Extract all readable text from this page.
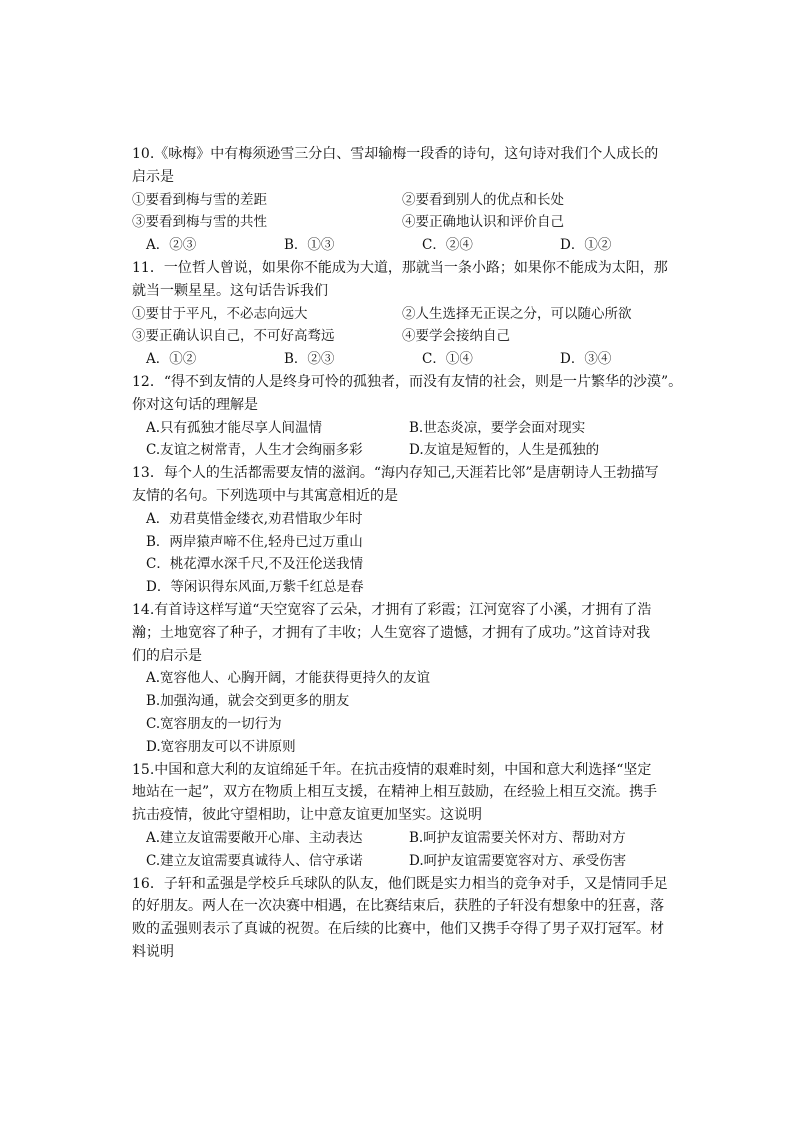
10.《咏梅》中有梅须逊雪三分白、雪却输梅一段香的诗句，这句诗对我们个人成长的
启示是
①要看到梅与雪的差距	②要看到别人的优点和长处
③要看到梅与雪的共性	④要正确地认识和评价自己
A．②③	B．①③	C．②④	D．①②
11．一位哲人曾说，如果你不能成为大道，那就当一条小路；如果你不能成为太阳，那
就当一颗星星。这句话告诉我们
①要甘于平凡，不必志向远大	②人生选择无正误之分，可以随心所欲
③要正确认识自己，不可好高骛远	④要学会接纳自己
A．①②	B．②③	C．①④	D．③④
12．“得不到友情的人是终身可怜的孤独者，而没有友情的社会，则是一片繁华的沙漠”。
你对这句话的理解是
A.只有孤独才能尽享人间温情	B.世态炎凉，要学会面对现实
C.友谊之树常青，人生才会绚丽多彩	D.友谊是短暂的，人生是孤独的
13．每个人的生活都需要友情的滋润。“海内存知己,天涯若比邻”是唐朝诗人王勃描写
友情的名句。下列选项中与其寓意相近的是
A．劝君莫惜金缕衣,劝君惜取少年时
B．两岸猿声啼不住,轻舟已过万重山
C．桃花潭水深千尺,不及汪伦送我情
D．等闲识得东风面,万紫千红总是春
14.有首诗这样写道“天空宽容了云朵，才拥有了彩霞；江河宽容了小溪，才拥有了浩
瀚；土地宽容了种子，才拥有了丰收；人生宽容了遗憾，才拥有了成功。”这首诗对我
们的启示是
A.宽容他人、心胸开阔，才能获得更持久的友谊
B.加强沟通，就会交到更多的朋友
C.宽容朋友的一切行为
D.宽容朋友可以不讲原则
15.中国和意大利的友谊绵延千年。在抗击疫情的艰难时刻，中国和意大利选择“坚定
地站在一起”，双方在物质上相互支援，在精神上相互鼓励，在经验上相互交流。携手
抗击疫情，彼此守望相助，让中意友谊更加坚实。这说明
A.建立友谊需要敞开心扉、主动表达	B.呵护友谊需要关怀对方、帮助对方
C.建立友谊需要真诚待人、信守承诺	D.呵护友谊需要宽容对方、承受伤害
16．子轩和孟强是学校乒乓球队的队友，他们既是实力相当的竞争对手，又是情同手足
的好朋友。两人在一次决赛中相遇，在比赛结束后，获胜的子轩没有想象中的狂喜，落
败的孟强则表示了真诚的祝贺。在后续的比赛中，他们又携手夺得了男子双打冠军。材
料说明
